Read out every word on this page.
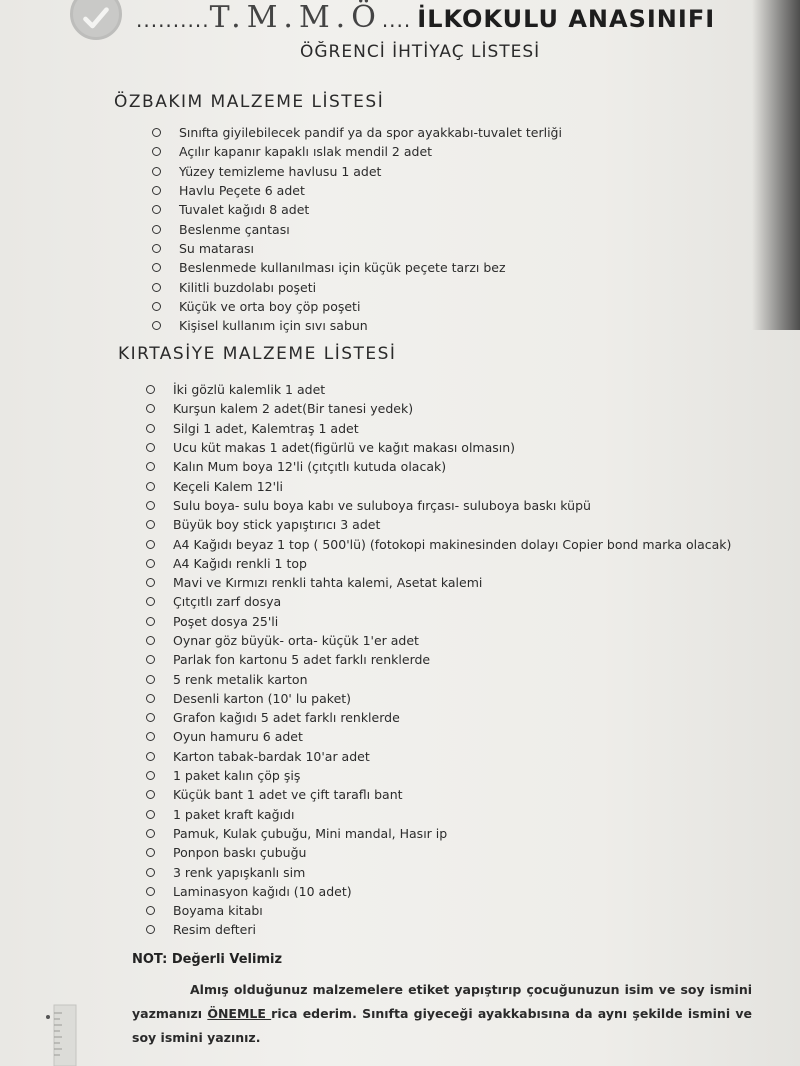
.......... T.M.M.Ö .... İLKOKULU ANASINIFI
ÖĞRENCİ İHTİYAÇ LİSTESİ
ÖZBAKIM MALZEME LİSTESİ
Sınıfta giyilebilecek pandif ya da spor ayakkabı-tuvalet terliği
Açılır kapanır kapaklı ıslak mendil 2 adet
Yüzey temizleme havlusu 1 adet
Havlu Peçete 6 adet
Tuvalet kağıdı 8 adet
Beslenme çantası
Su matarası
Beslenmede kullanılması için küçük peçete tarzı bez
Kilitli buzdolabı poşeti
Küçük ve orta boy çöp poşeti
Kişisel kullanım için sıvı sabun
KIRTASİYE MALZEME LİSTESİ
İki gözlü kalemlik 1 adet
Kurşun kalem 2 adet(Bir tanesi yedek)
Silgi 1 adet, Kalemtraş 1 adet
Ucu küt makas 1 adet(figürlü ve kağıt makası olmasın)
Kalın Mum boya 12'li (çıtçıtlı kutuda olacak)
Keçeli Kalem 12'li
Sulu boya- sulu boya kabı ve suluboya fırçası- suluboya baskı küpü
Büyük boy stick yapıştırıcı 3 adet
A4 Kağıdı beyaz 1 top ( 500'lü) (fotokopi makinesinden dolayı Copier bond marka olacak)
A4 Kağıdı renkli 1 top
Mavi ve Kırmızı renkli tahta kalemi, Asetat kalemi
Çıtçıtlı zarf dosya
Poşet dosya 25'li
Oynar göz büyük- orta- küçük 1'er adet
Parlak fon kartonu 5 adet farklı renklerde
5 renk metalik karton
Desenli karton (10' lu paket)
Grafon kağıdı 5 adet farklı renklerde
Oyun hamuru 6 adet
Karton tabak-bardak 10'ar adet
1 paket kalın çöp şiş
Küçük bant 1 adet ve çift taraflı bant
1 paket kraft kağıdı
Pamuk, Kulak çubuğu, Mini mandal, Hasır ip
Ponpon baskı çubuğu
3 renk yapışkanlı sim
Laminasyon kağıdı (10 adet)
Boyama kitabı
Resim defteri
NOT: Değerli Velimiz
Almış olduğunuz malzemelere etiket yapıştırıp çocuğunuzun isim ve soy ismini yazmanızı ÖNEMLE rica ederim. Sınıfta giyeceği ayakkabısına da aynı şekilde ismini ve soy ismini yazınız.
